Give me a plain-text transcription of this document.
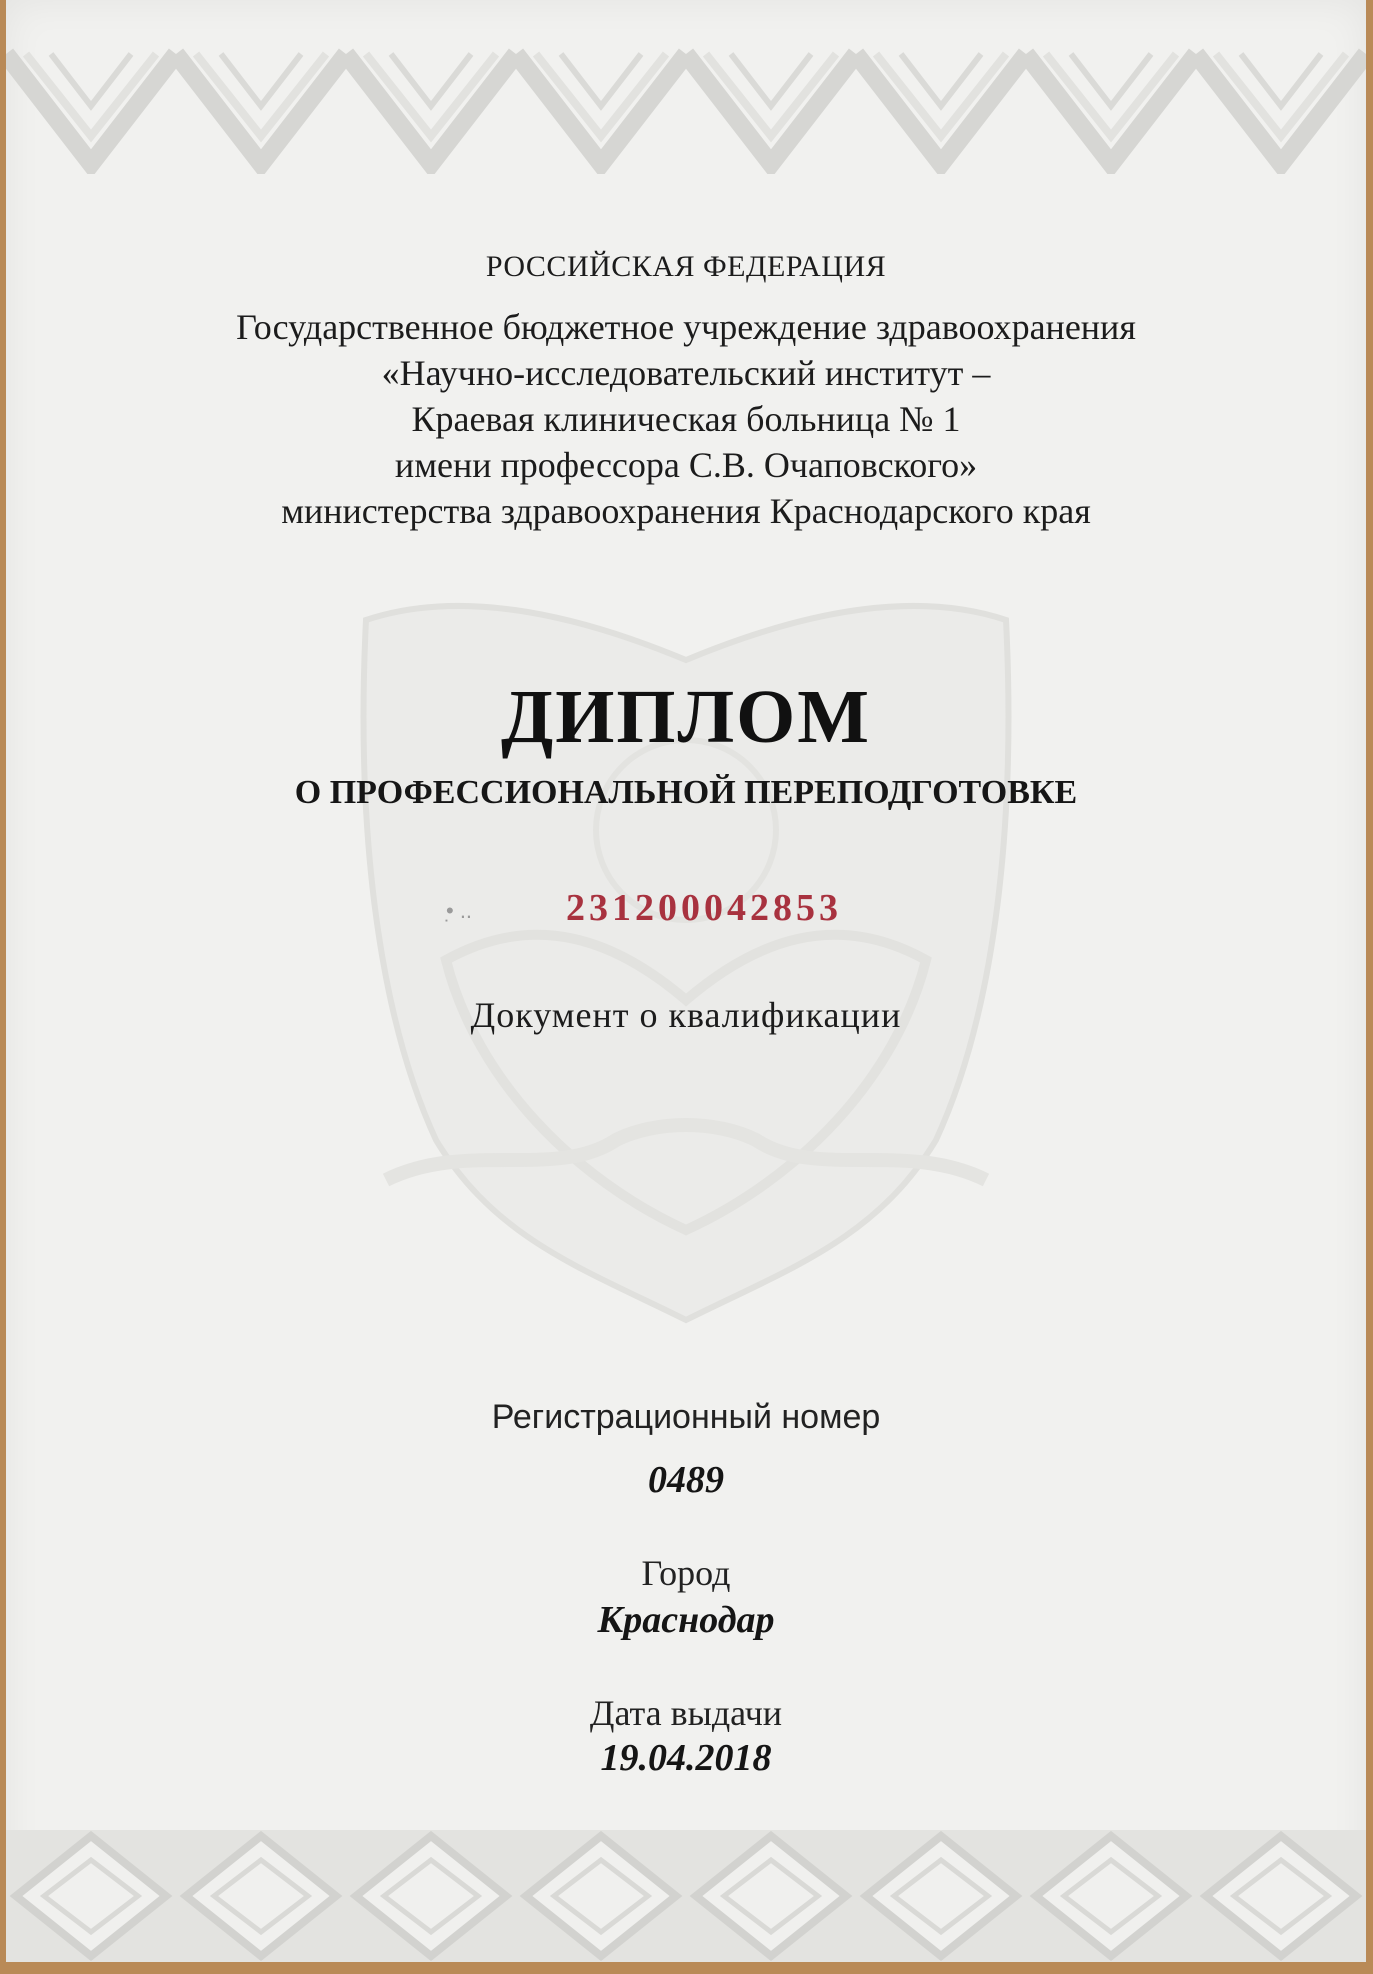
РОССИЙСКАЯ ФЕДЕРАЦИЯ
Государственное бюджетное учреждение здравоохранения
«Научно-исследовательский институт –
Краевая клиническая больница № 1
имени профессора С.В. Очаповского»
министерства здравоохранения Краснодарского края
ДИПЛОМ
О ПРОФЕССИОНАЛЬНОЙ ПЕРЕПОДГОТОВКЕ
•̣ ..	231200042853
Документ о квалификации
Регистрационный номер
0489
Город
Краснодар
Дата выдачи
19.04.2018
